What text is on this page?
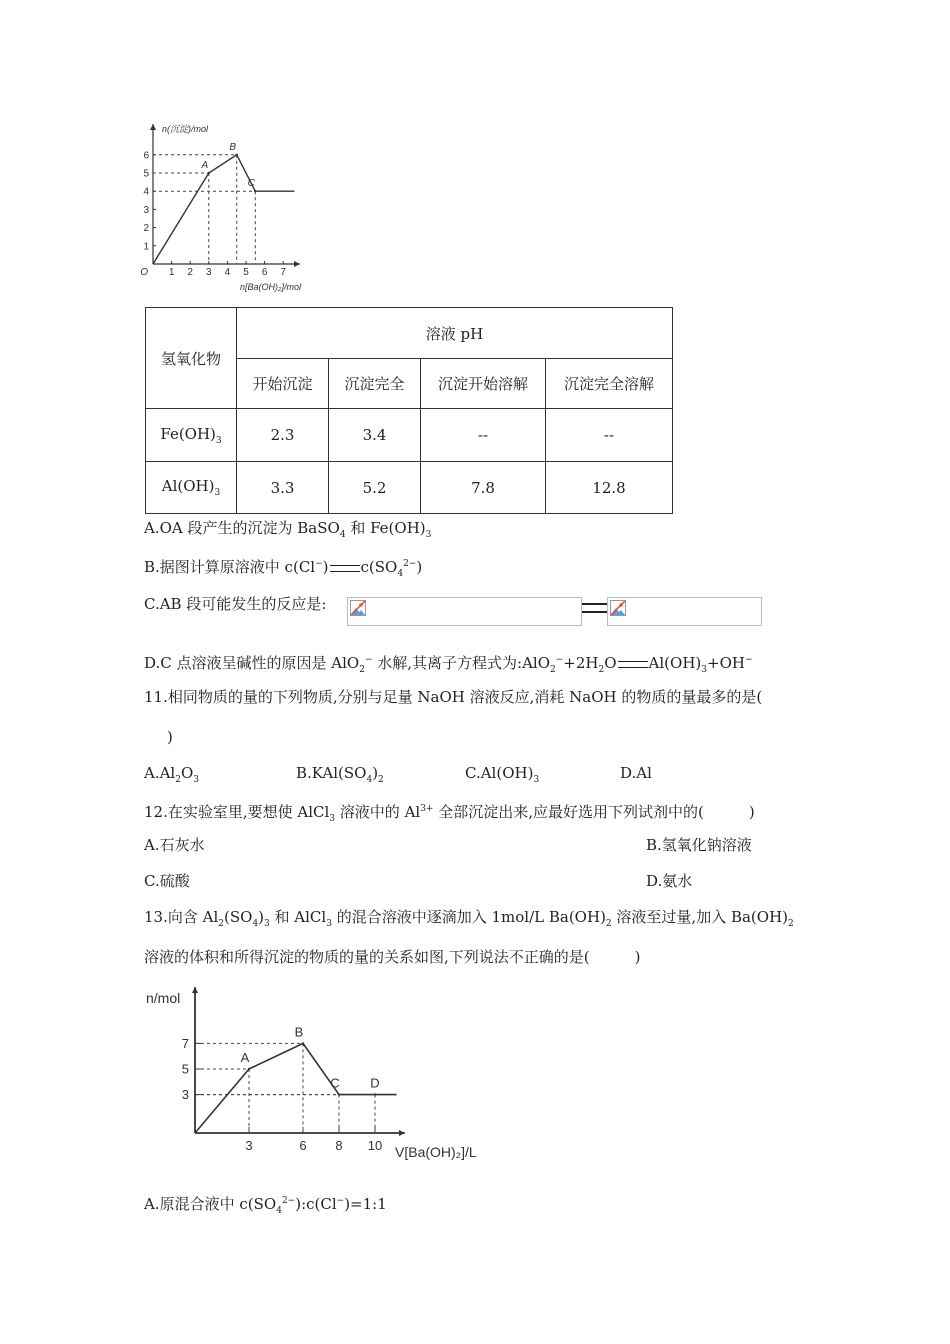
1 2 3 4 5 6 7
1
2
3
4
5
6
O
A
B
C
n(沉淀)/mol
n[Ba(OH)₂]/mol
氢氧化物	溶液 pH			
	开始沉淀	沉淀完全	沉淀开始溶解	沉淀完全溶解
$Fe(OH)_3$	2.3	3.4	--	--
$Al(OH)_3$	3.3	5.2	7.8	12.8
A.OA 段产生的沉淀为 BaSO$_4$ 和 $Fe(OH)_3$
B.据图计算原溶液中 c(Cl−) $c(SO_4^{2-})$
C.AB 段可能发生的反应是:
D.C 点溶液呈碱性的原因是 AlO$_2$− 水解,其离子方程式为$:AlO_2^-+2H_2O$ $Al(OH)_3+OH^-$
11.相同物质的量的下列物质,分别与足量 NaOH 溶液反应,消耗 NaOH 的物质的量最多的是(
)
$A.Al_2O_3$	$B.KAl(SO_4)_2$	$C.Al(OH)_3$	D.Al
12.在实验室里,要想使 AlCl$_3$ 溶液中的 $Al^{3+}$ 全部沉淀出来,应最好选用下列试剂中的(　　　)
A.石灰水	B.氢氧化钠溶液
C.硫酸	D.氨水
13.向含 $Al_2(SO_4)_3$ 和 AlCl$_3$ 的混合溶液中逐滴加入 1mol/L $Ba(OH)_2$ 溶液至过量,加入 $Ba(OH)_2$
溶液的体积和所得沉淀的物质的量的关系如图,下列说法不正确的是(　　　)
3	6 8 10
3
5
7
A
B
C D
n/mol
V[Ba(OH)₂]/L
A.原混合液中 $c(SO_4^{2-}):c(Cl^-)=1:1$
